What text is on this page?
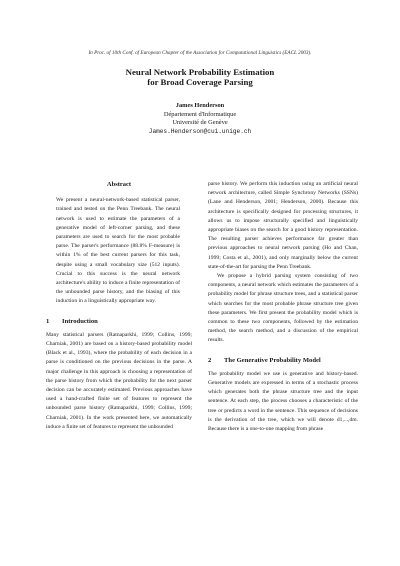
In Proc. of 10th Conf. of European Chapter of the Association for Computational Linguistics (EACL 2003).
Neural Network Probability Estimation
for Broad Coverage Parsing
James Henderson
Département d'Informatique
Université de Genève
James.Henderson@cui.unige.ch
Abstract

We present a neural-network-based statistical parser, trained and tested on the Penn Treebank. The neural network is used to estimate the parameters of a generative model of left-corner parsing, and these parameters are used to search for the most probable parse. The parser's performance (88.8% F-measure) is within 1% of the best current parsers for this task, despite using a small vocabulary size (512 inputs). Crucial to this success is the neural network architecture's ability to induce a finite representation of the unbounded parse history, and the biasing of this induction in a linguistically appropriate way.

1 Introduction

Many statistical parsers (Ratnaparkhi, 1999; Collins, 1999; Charniak, 2001) are based on a history-based probability model (Black et al., 1993), where the probability of each decision in a parse is conditioned on the previous decisions in the parse. A major challenge in this approach is choosing a representation of the parse history from which the probability for the next parser decision can be accurately estimated. Previous approaches have used a hand-crafted finite set of features to represent the unbounded parse history (Ratnaparkhi, 1999; Collins, 1999; Charniak, 2001). In the work presented here, we automatically induce a finite set of features to represent the unbounded

parse history. We perform this induction using an artificial neural network architecture, called Simple Synchrony Networks (SSNs) (Lane and Henderson, 2001; Henderson, 2000). Because this architecture is specifically designed for processing structures, it allows us to impose structurally specified and linguistically appropriate biases on the search for a good history representation. The resulting parser achieves performance far greater than previous approaches to neural network parsing (Ho and Chan, 1999; Costa et al., 2001), and only marginally below the current state-of-the-art for parsing the Penn Treebank.

We propose a hybrid parsing system consisting of two components, a neural network which estimates the parameters of a probability model for phrase structure trees, and a statistical parser which searches for the most probable phrase structure tree given these parameters. We first present the probability model which is common to these two components, followed by the estimation method, the search method, and a discussion of the empirical results.

2 The Generative Probability Model

The probability model we use is generative and history-based. Generative models are expressed in terms of a stochastic process which generates both the phrase structure tree and the input sentence. At each step, the process chooses a characteristic of the tree or predicts a word in the sentence. This sequence of decisions is the derivation of the tree, which we will denote d1,...,dm. Because there is a one-to-one mapping from phrase
